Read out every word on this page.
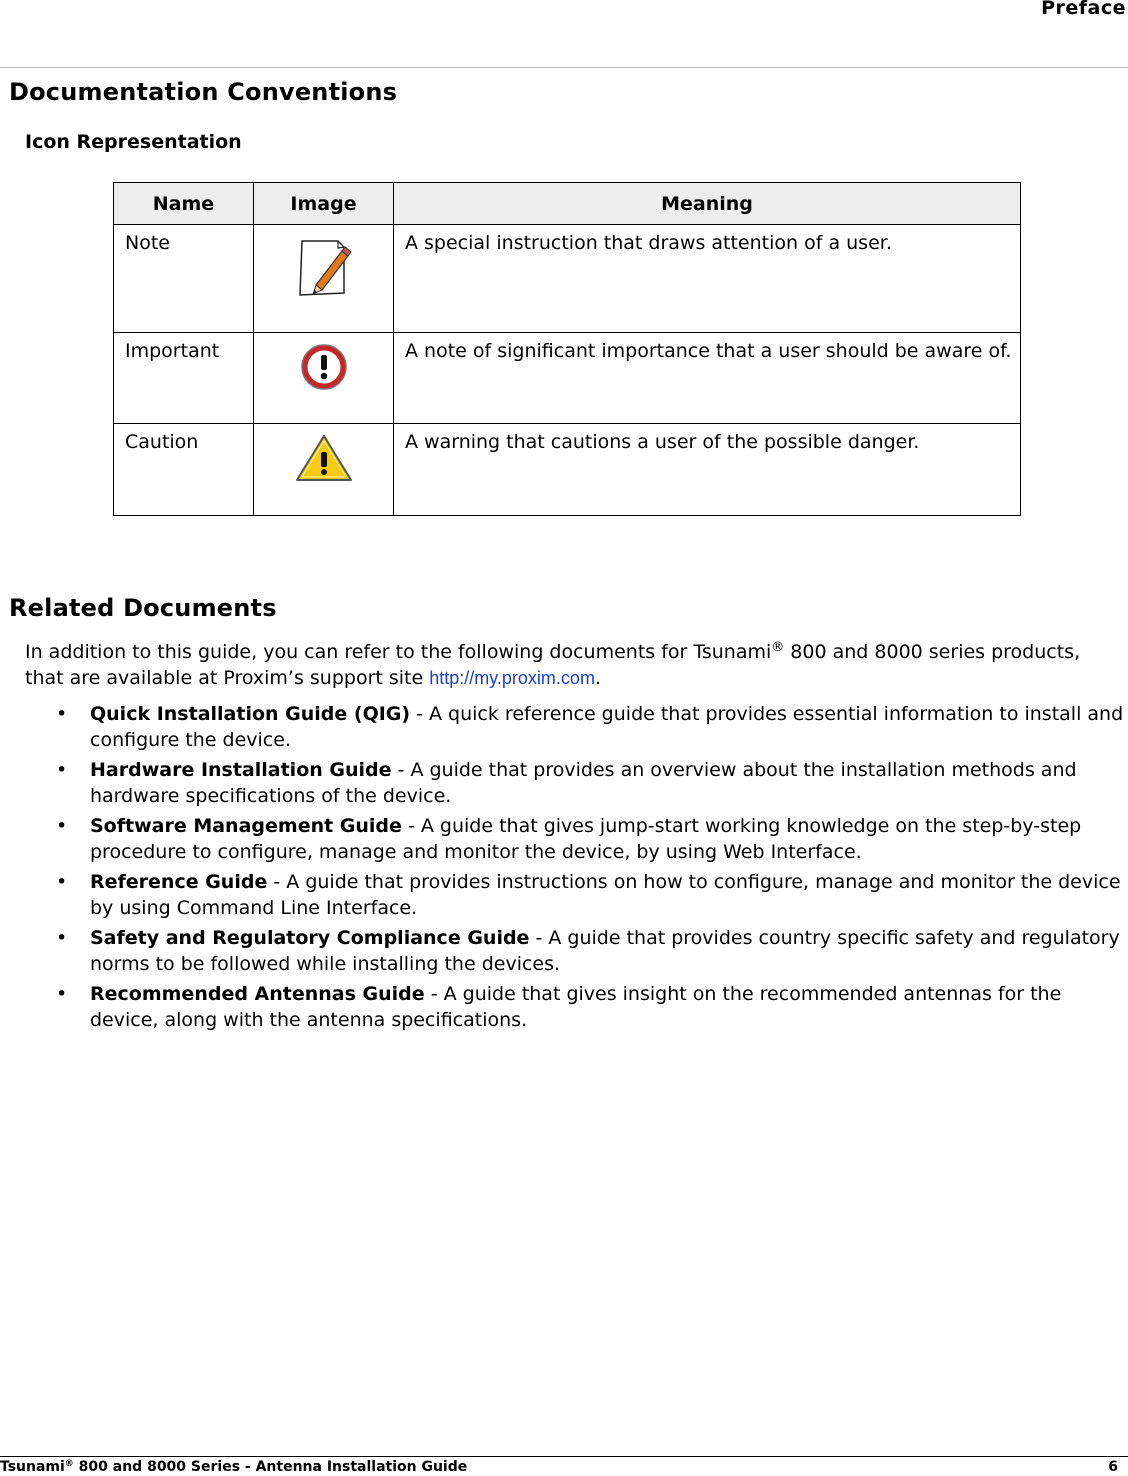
Preface
Documentation Conventions
Icon Representation
Name	Image	Meaning
Note		A special instruction that draws attention of a user.
Important		A note of significant importance that a user should be aware of.
Caution		A warning that cautions a user of the possible danger.
Related Documents

In addition to this guide, you can refer to the following documents for Tsunami® 800 and 8000 series products, that are available at Proxim’s support site http://my.proxim.com.

• Quick Installation Guide (QIG) - A quick reference guide that provides essential information to install and configure the device.
• Hardware Installation Guide - A guide that provides an overview about the installation methods and hardware specifications of the device.
• Software Management Guide - A guide that gives jump-start working knowledge on the step-by-step procedure to configure, manage and monitor the device, by using Web Interface.
• Reference Guide - A guide that provides instructions on how to configure, manage and monitor the device by using Command Line Interface.
• Safety and Regulatory Compliance Guide - A guide that provides country specific safety and regulatory norms to be followed while installing the devices.
• Recommended Antennas Guide - A guide that gives insight on the recommended antennas for the device, along with the antenna specifications.
Tsunami® 800 and 8000 Series - Antenna Installation Guide	6
